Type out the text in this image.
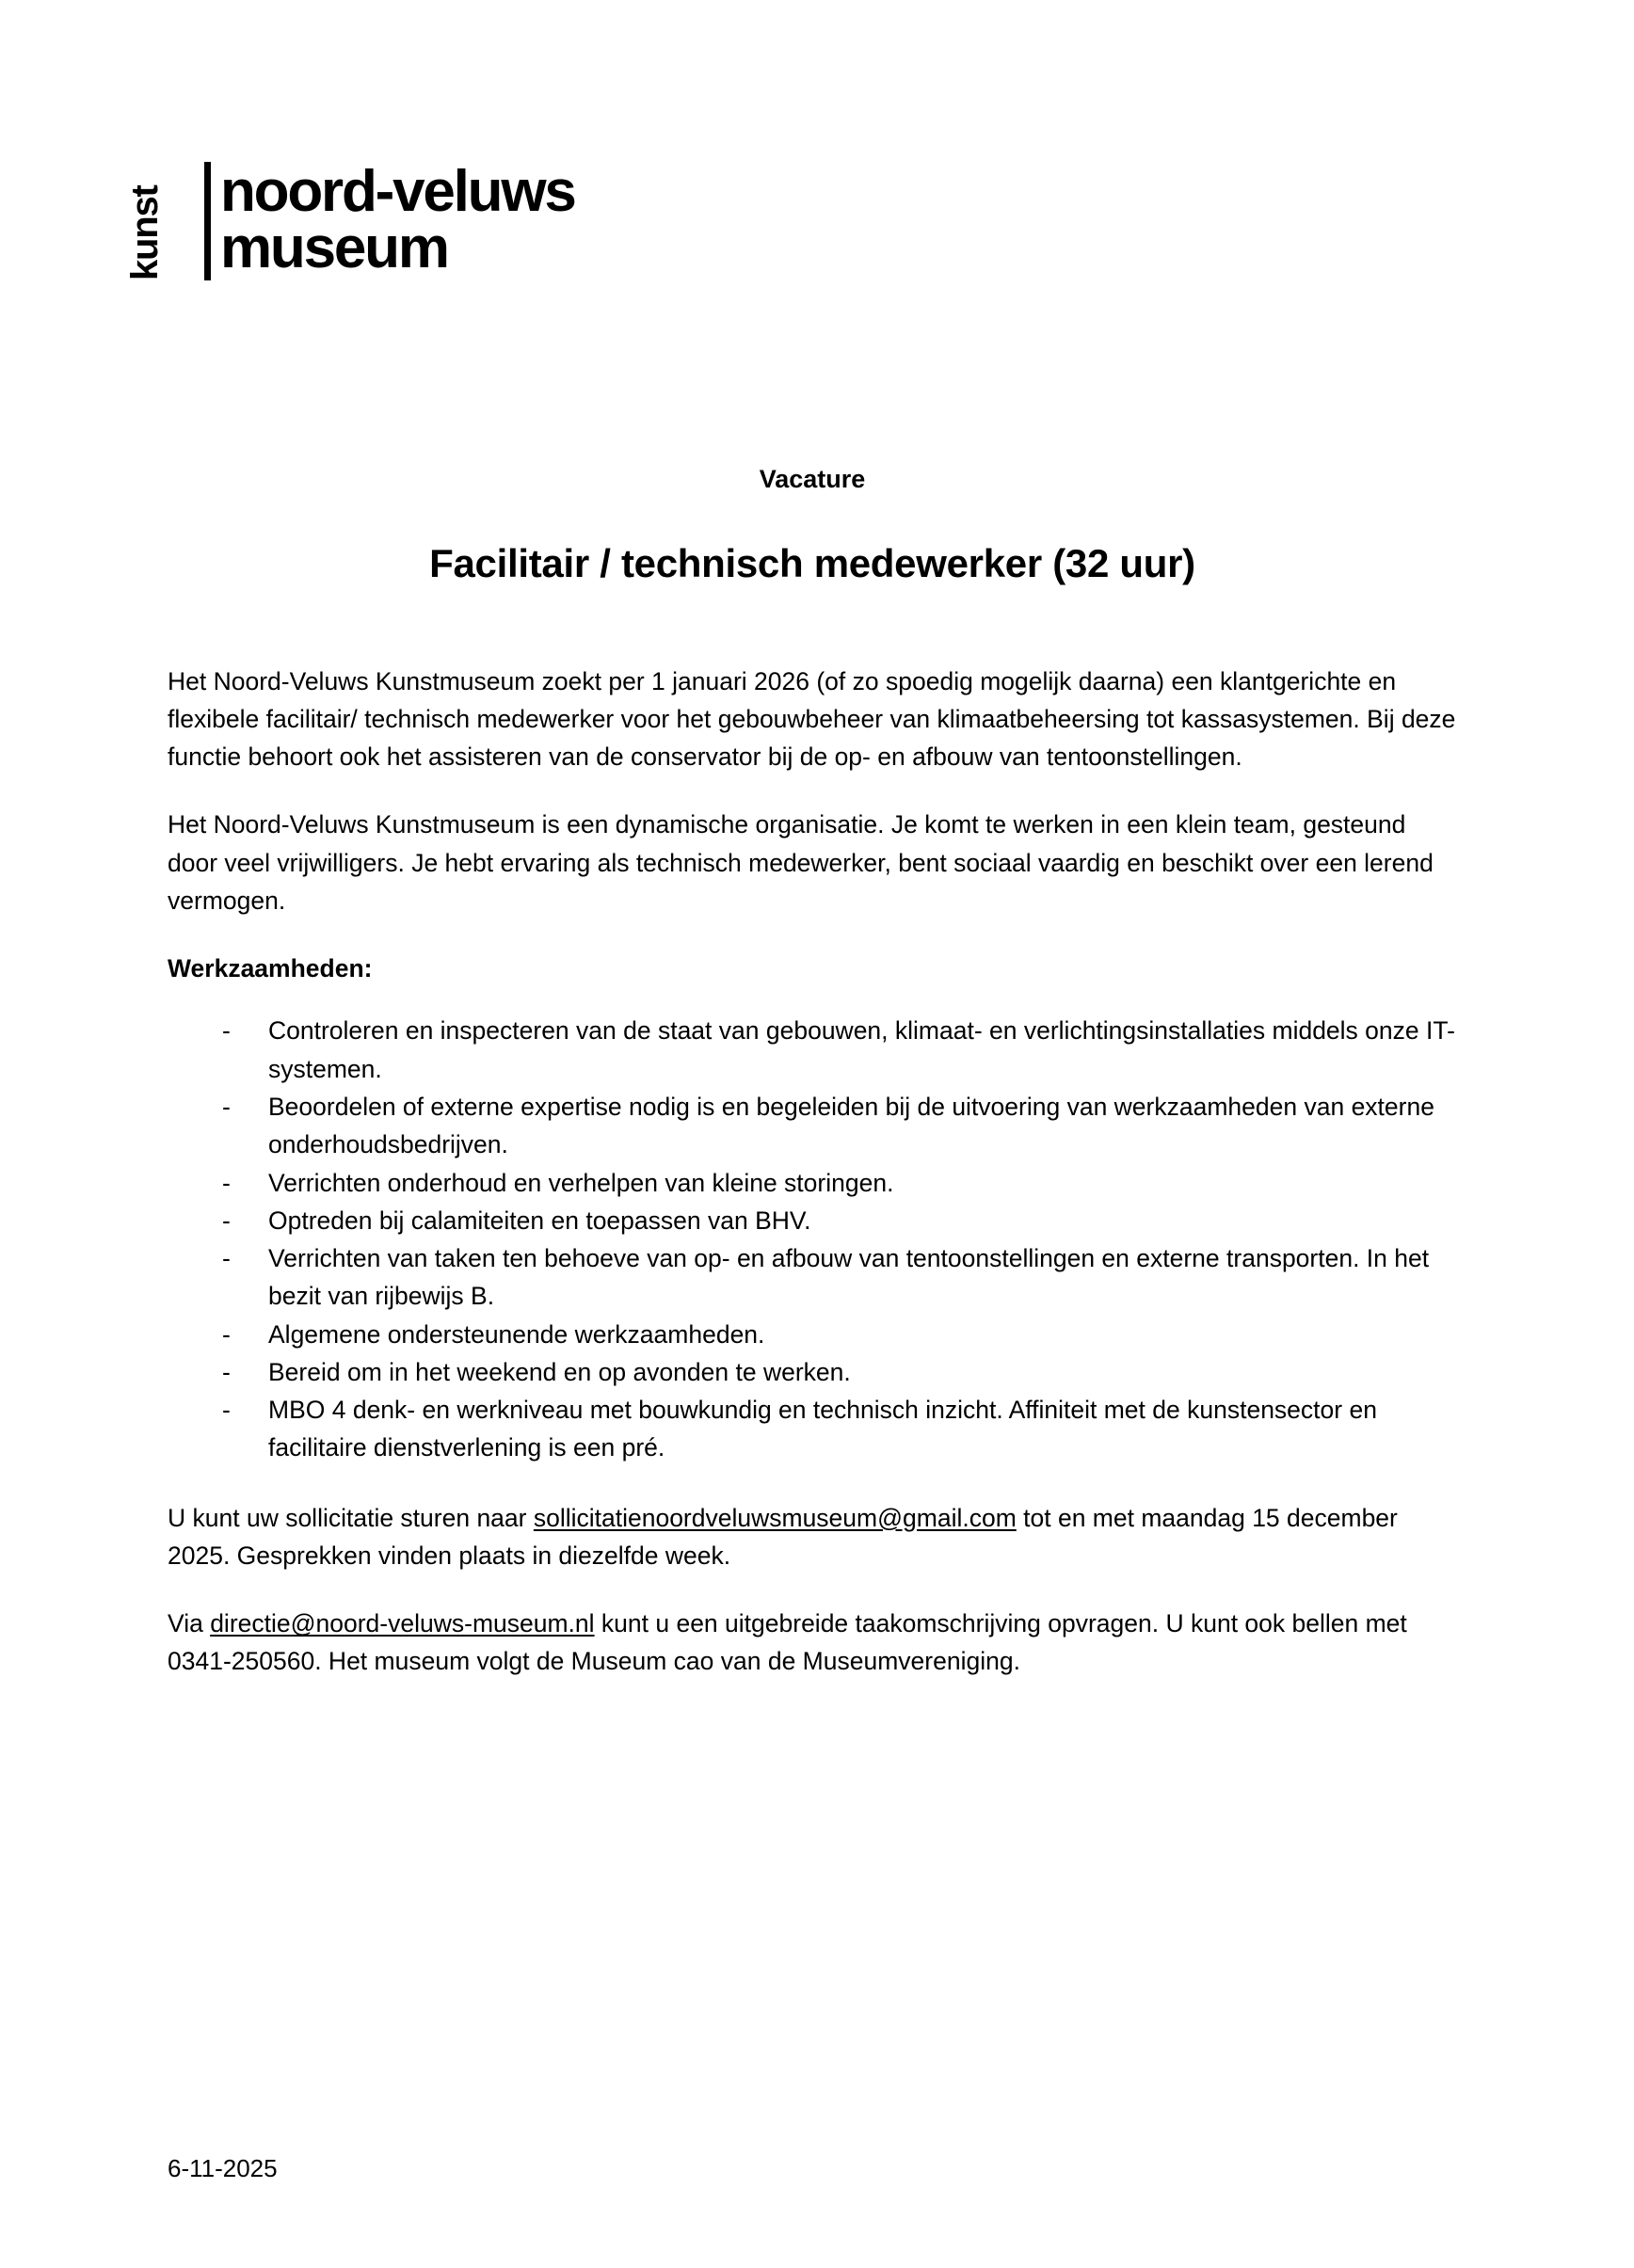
kunst noord-veluws
museum
Vacature
Facilitair / technisch medewerker (32 uur)

Het Noord-Veluws Kunstmuseum zoekt per 1 januari 2026 (of zo spoedig mogelijk daarna) een klantgerichte en flexibele facilitair/ technisch medewerker voor het gebouwbeheer van klimaatbeheersing tot kassasystemen. Bij deze functie behoort ook het assisteren van de conservator bij de op- en afbouw van tentoonstellingen.

Het Noord-Veluws Kunstmuseum is een dynamische organisatie. Je komt te werken in een klein team, gesteund door veel vrijwilligers. Je hebt ervaring als technisch medewerker, bent sociaal vaardig en beschikt over een lerend vermogen.

Werkzaamheden:
- Controleren en inspecteren van de staat van gebouwen, klimaat- en verlichtingsinstallaties middels onze IT-systemen.
- Beoordelen of externe expertise nodig is en begeleiden bij de uitvoering van werkzaamheden van externe onderhoudsbedrijven.
- Verrichten onderhoud en verhelpen van kleine storingen.
- Optreden bij calamiteiten en toepassen van BHV.
- Verrichten van taken ten behoeve van op- en afbouw van tentoonstellingen en externe transporten. In het bezit van rijbewijs B.
- Algemene ondersteunende werkzaamheden.
- Bereid om in het weekend en op avonden te werken.
- MBO 4 denk- en werkniveau met bouwkundig en technisch inzicht. Affiniteit met de kunstensector en facilitaire dienstverlening is een pré.

U kunt uw sollicitatie sturen naar sollicitatienoordveluwsmuseum@gmail.com tot en met maandag 15 december 2025. Gesprekken vinden plaats in diezelfde week.

Via directie@noord-veluws-museum.nl kunt u een uitgebreide taakomschrijving opvragen. U kunt ook bellen met 0341-250560. Het museum volgt de Museum cao van de Museumvereniging.

6-11-2025
